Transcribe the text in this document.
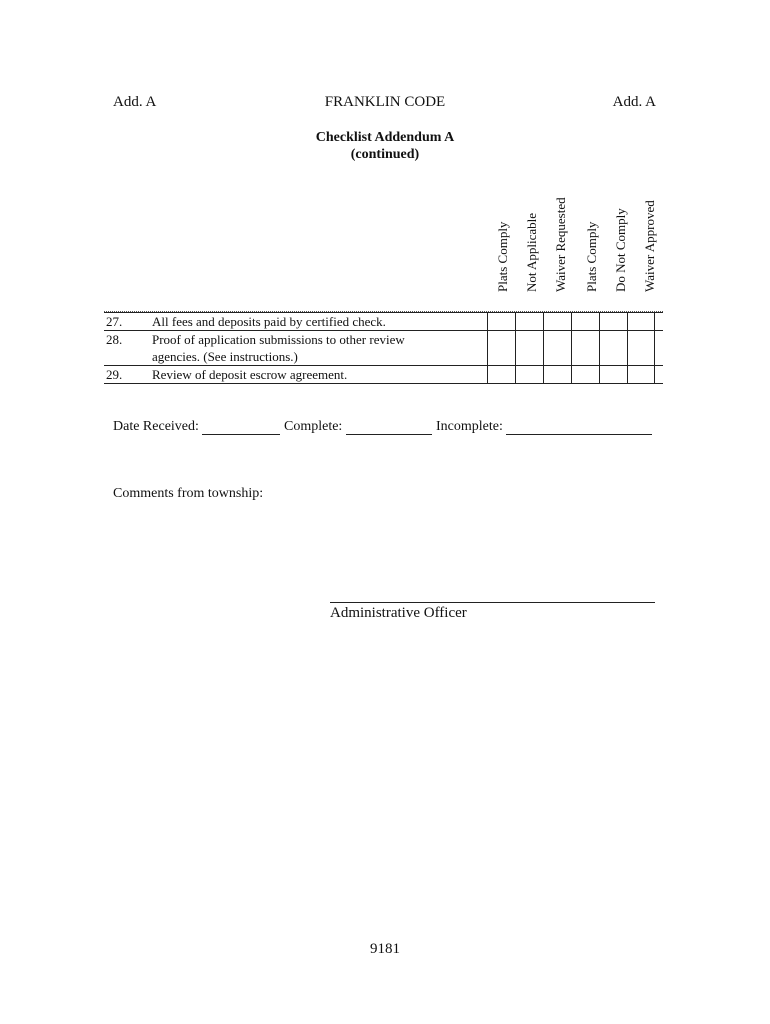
Add. A	FRANKLIN CODE	Add. A
Checklist Addendum A
(continued)
Plats Comply Not Applicable Waiver Requested Plats Comply Do Not Comply Waiver Approved
27.	All fees and deposits paid by certified check.
28.	Proof of application submissions to other review
agencies. (See instructions.)
29.	Review of deposit escrow agreement.
Date Received:	Complete:	Incomplete:
Comments from township:
Administrative Officer
9181
